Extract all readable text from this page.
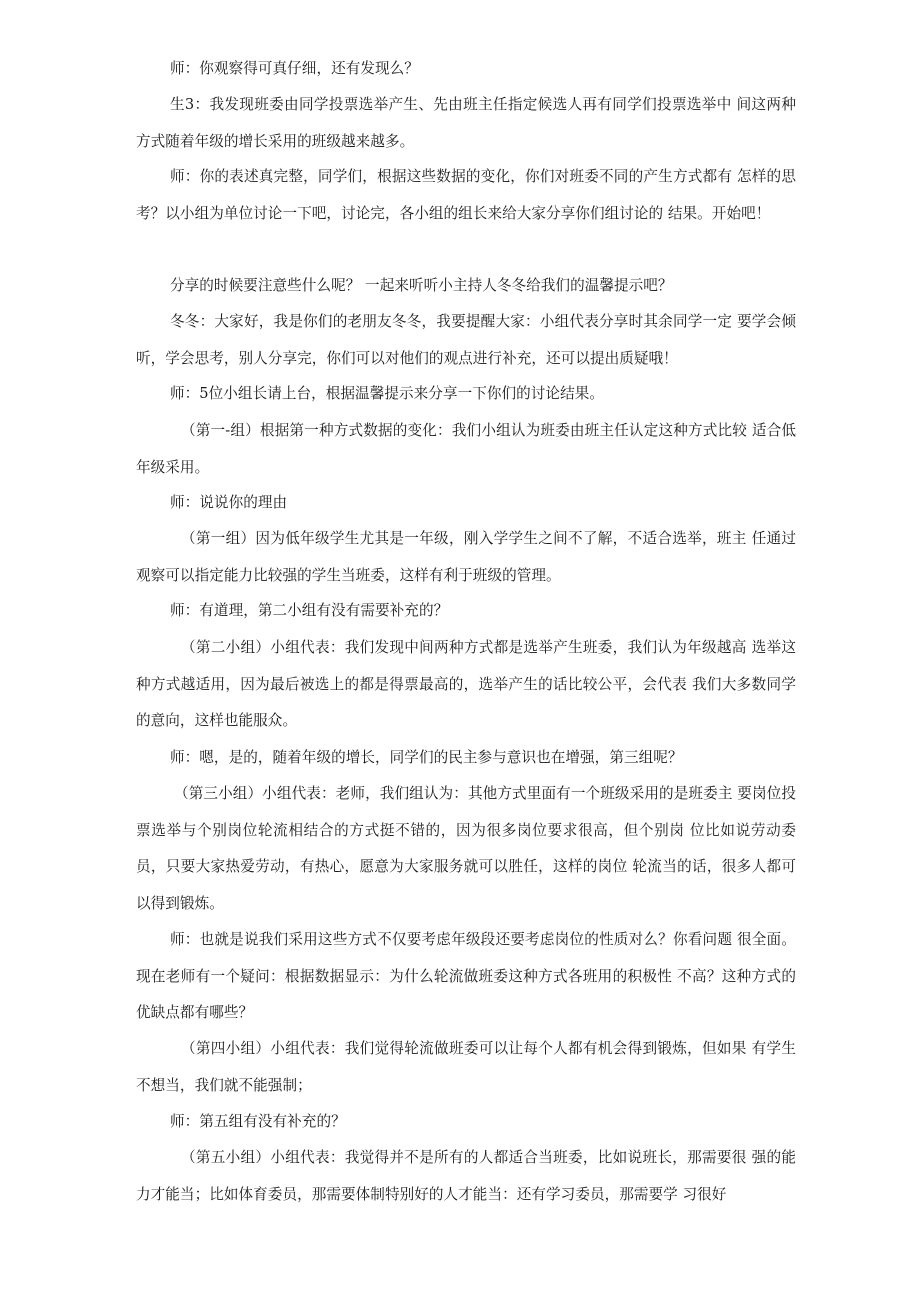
师：你观察得可真仔细，还有发现么？

生3：我发现班委由同学投票选举产生、先由班主任指定候选人再有同学们投票选举中 间这两种方式随着年级的增长采用的班级越来越多。

师：你的表述真完整，同学们，根据这些数据的变化，你们对班委不同的产生方式都有 怎样的思考？以小组为单位讨论一下吧，讨论完，各小组的组长来给大家分享你们组讨论的 结果。开始吧！

分享的时候要注意些什么呢？ 一起来听听小主持人冬冬给我们的温馨提示吧？

冬冬：大家好，我是你们的老朋友冬冬，我要提醒大家：小组代表分享时其余同学一定 要学会倾听，学会思考，别人分享完，你们可以对他们的观点进行补充，还可以提出质疑哦！

师：5位小组长请上台，根据温馨提示来分享一下你们的讨论结果。

（第一-组）根据第一种方式数据的变化：我们小组认为班委由班主任认定这种方式比较 适合低年级采用。

师：说说你的理由

（第一组）因为低年级学生尤其是一年级，刚入学学生之间不了解，不适合选举，班主 任通过观察可以指定能力比较强的学生当班委，这样有利于班级的管理。

师：有道理，第二小组有没有需要补充的？

（第二小组）小组代表：我们发现中间两种方式都是选举产生班委，我们认为年级越高 选举这种方式越适用，因为最后被选上的都是得票最高的，选举产生的话比较公平，会代表 我们大多数同学的意向，这样也能服众。

师：嗯，是的，随着年级的增长，同学们的民主参与意识也在增强，第三组呢？

（第三小组）小组代表：老师，我们组认为：其他方式里面有一个班级采用的是班委主 要岗位投票选举与个别岗位轮流相结合的方式挺不错的，因为很多岗位要求很高，但个别岗 位比如说劳动委员，只要大家热爱劳动，有热心，愿意为大家服务就可以胜任，这样的岗位 轮流当的话，很多人都可以得到锻炼。

师：也就是说我们采用这些方式不仅要考虑年级段还要考虑岗位的性质对么？你看问题 很全面。现在老师有一个疑问：根据数据显示：为什么轮流做班委这种方式各班用的积极性 不高？这种方式的优缺点都有哪些？

（第四小组）小组代表：我们觉得轮流做班委可以让每个人都有机会得到锻炼，但如果 有学生不想当，我们就不能强制；

师：第五组有没有补充的？

（第五小组）小组代表：我觉得并不是所有的人都适合当班委，比如说班长，那需要很 强的能力才能当；比如体育委员，那需要体制特别好的人才能当：还有学习委员，那需要学 习很好
